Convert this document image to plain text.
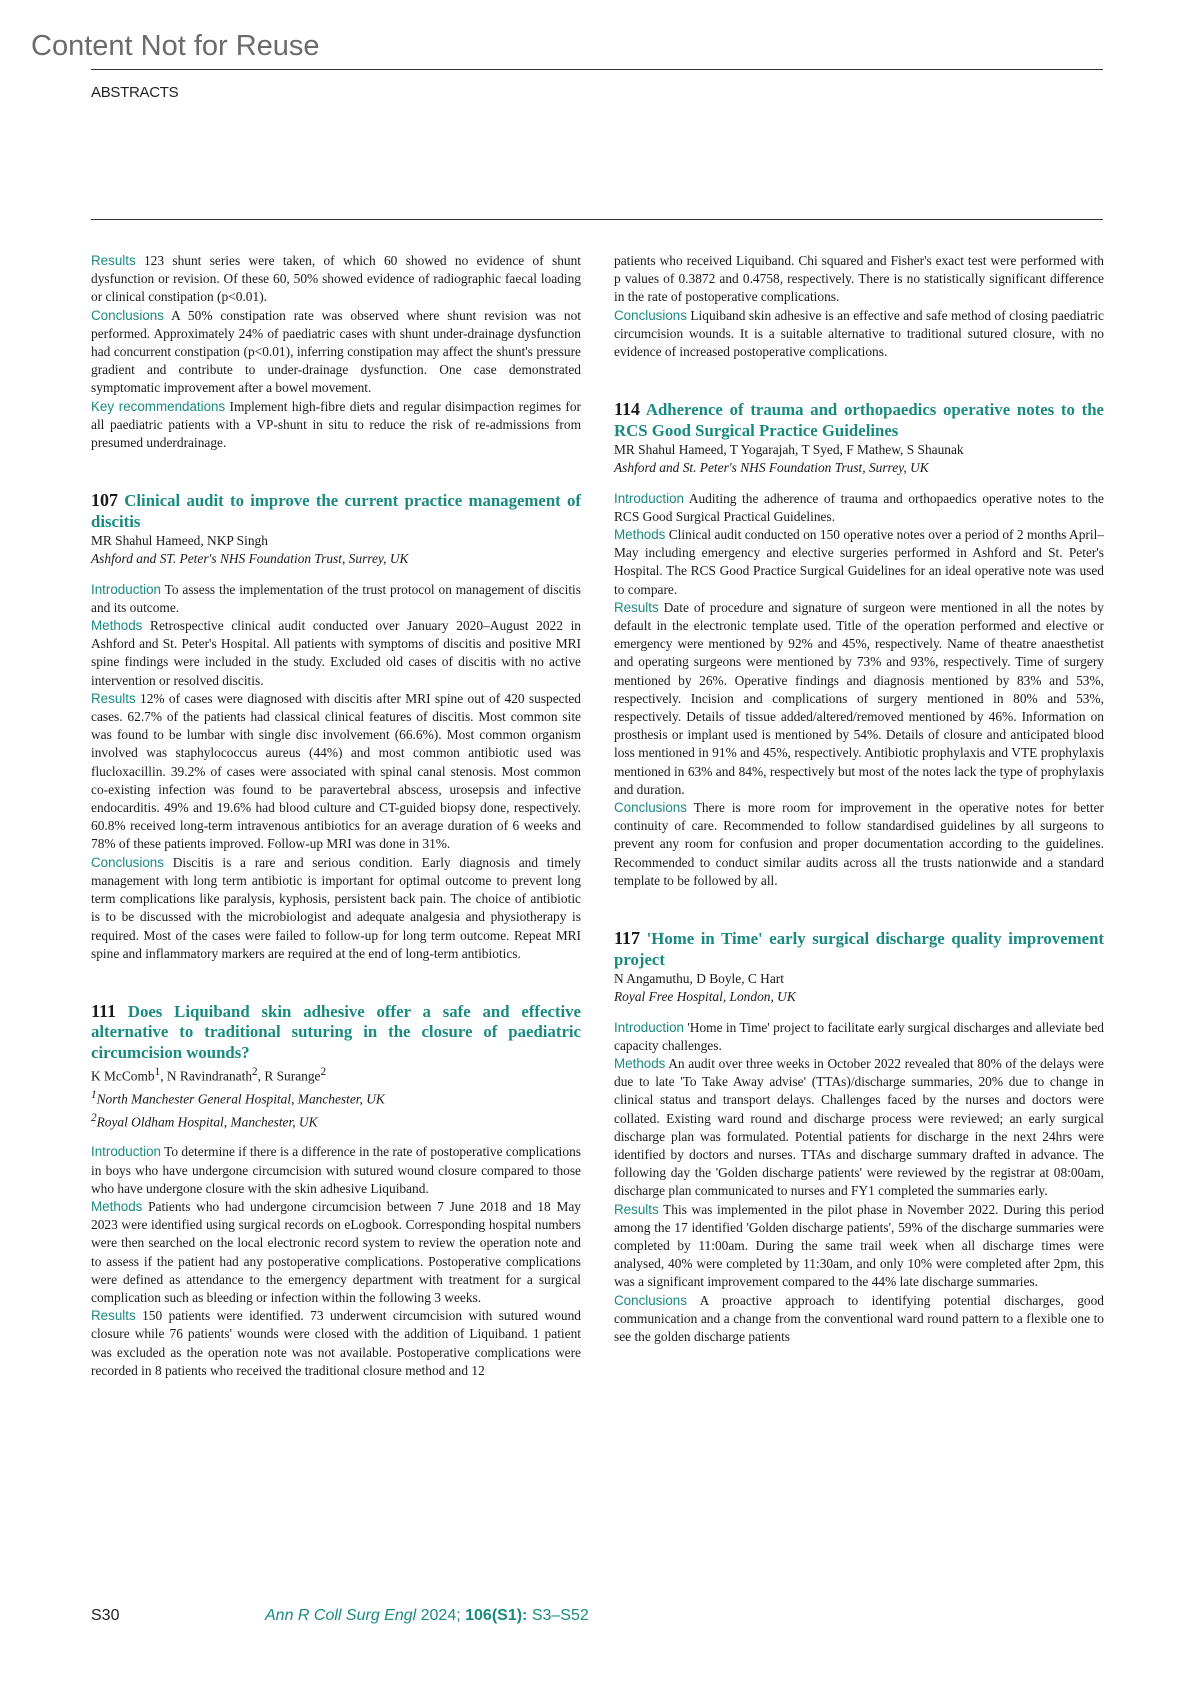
Content Not for Reuse
ABSTRACTS

Results 123 shunt series were taken, of which 60 showed no evidence of shunt dysfunction or revision. Of these 60, 50% showed evidence of radiographic faecal loading or clinical constipation (p<0.01).

Conclusions A 50% constipation rate was observed where shunt revision was not performed. Approximately 24% of paediatric cases with shunt under-drainage dysfunction had concurrent constipation (p<0.01), inferring constipation may affect the shunt's pressure gradient and contribute to under-drainage dysfunction. One case demonstrated symptomatic improvement after a bowel movement.

Key recommendations Implement high-fibre diets and regular disimpaction regimes for all paediatric patients with a VP-shunt in situ to reduce the risk of re-admissions from presumed underdrainage.

107 Clinical audit to improve the current practice management of discitis

MR Shahul Hameed, NKP Singh

Ashford and ST. Peter's NHS Foundation Trust, Surrey, UK

Introduction To assess the implementation of the trust protocol on management of discitis and its outcome.

Methods Retrospective clinical audit conducted over January 2020–August 2022 in Ashford and St. Peter's Hospital. All patients with symptoms of discitis and positive MRI spine findings were included in the study. Excluded old cases of discitis with no active intervention or resolved discitis.

Results 12% of cases were diagnosed with discitis after MRI spine out of 420 suspected cases. 62.7% of the patients had classical clinical features of discitis. Most common site was found to be lumbar with single disc involvement (66.6%). Most common organism involved was staphylococcus aureus (44%) and most common antibiotic used was flucloxacillin. 39.2% of cases were associated with spinal canal stenosis. Most common co-existing infection was found to be paravertebral abscess, urosepsis and infective endocarditis. 49% and 19.6% had blood culture and CT-guided biopsy done, respectively. 60.8% received long-term intravenous antibiotics for an average duration of 6 weeks and 78% of these patients improved. Follow-up MRI was done in 31%.

Conclusions Discitis is a rare and serious condition. Early diagnosis and timely management with long term antibiotic is important for optimal outcome to prevent long term complications like paralysis, kyphosis, persistent back pain. The choice of antibiotic is to be discussed with the microbiologist and adequate analgesia and physiotherapy is required. Most of the cases were failed to follow-up for long term outcome. Repeat MRI spine and inflammatory markers are required at the end of long-term antibiotics.

111 Does Liquiband skin adhesive offer a safe and effective alternative to traditional suturing in the closure of paediatric circumcision wounds?

K McComb$^1$, N Ravindranath$^2$, R Surange$^2$

$^1$North Manchester General Hospital, Manchester, UK

$^2$Royal Oldham Hospital, Manchester, UK

Introduction To determine if there is a difference in the rate of postoperative complications in boys who have undergone circumcision with sutured wound closure compared to those who have undergone closure with the skin adhesive Liquiband.

Methods Patients who had undergone circumcision between 7 June 2018 and 18 May 2023 were identified using surgical records on eLogbook. Corresponding hospital numbers were then searched on the local electronic record system to review the operation note and to assess if the patient had any postoperative complications. Postoperative complications were defined as attendance to the emergency department with treatment for a surgical complication such as bleeding or infection within the following 3 weeks.

Results 150 patients were identified. 73 underwent circumcision with sutured wound closure while 76 patients' wounds were closed with the addition of Liquiband. 1 patient was excluded as the operation note was not available. Postoperative complications were recorded in 8 patients who received the traditional closure method and 12

patients who received Liquiband. Chi squared and Fisher's exact test were performed with p values of 0.3872 and 0.4758, respectively. There is no statistically significant difference in the rate of postoperative complications.

Conclusions Liquiband skin adhesive is an effective and safe method of closing paediatric circumcision wounds. It is a suitable alternative to traditional sutured closure, with no evidence of increased postoperative complications.

114 Adherence of trauma and orthopaedics operative notes to the RCS Good Surgical Practice Guidelines

MR Shahul Hameed, T Yogarajah, T Syed, F Mathew, S Shaunak

Ashford and St. Peter's NHS Foundation Trust, Surrey, UK

Introduction Auditing the adherence of trauma and orthopaedics operative notes to the RCS Good Surgical Practical Guidelines.

Methods Clinical audit conducted on 150 operative notes over a period of 2 months April–May including emergency and elective surgeries performed in Ashford and St. Peter's Hospital. The RCS Good Practice Surgical Guidelines for an ideal operative note was used to compare.

Results Date of procedure and signature of surgeon were mentioned in all the notes by default in the electronic template used. Title of the operation performed and elective or emergency were mentioned by 92% and 45%, respectively. Name of theatre anaesthetist and operating surgeons were mentioned by 73% and 93%, respectively. Time of surgery mentioned by 26%. Operative findings and diagnosis mentioned by 83% and 53%, respectively. Incision and complications of surgery mentioned in 80% and 53%, respectively. Details of tissue added/altered/removed mentioned by 46%. Information on prosthesis or implant used is mentioned by 54%. Details of closure and anticipated blood loss mentioned in 91% and 45%, respectively. Antibiotic prophylaxis and VTE prophylaxis mentioned in 63% and 84%, respectively but most of the notes lack the type of prophylaxis and duration.

Conclusions There is more room for improvement in the operative notes for better continuity of care. Recommended to follow standardised guidelines by all surgeons to prevent any room for confusion and proper documentation according to the guidelines. Recommended to conduct similar audits across all the trusts nationwide and a standard template to be followed by all.

117 'Home in Time' early surgical discharge quality improvement project

N Angamuthu, D Boyle, C Hart

Royal Free Hospital, London, UK

Introduction 'Home in Time' project to facilitate early surgical discharges and alleviate bed capacity challenges.

Methods An audit over three weeks in October 2022 revealed that 80% of the delays were due to late 'To Take Away advise' (TTAs)/discharge summaries, 20% due to change in clinical status and transport delays. Challenges faced by the nurses and doctors were collated. Existing ward round and discharge process were reviewed; an early surgical discharge plan was formulated. Potential patients for discharge in the next 24hrs were identified by doctors and nurses. TTAs and discharge summary drafted in advance. The following day the 'Golden discharge patients' were reviewed by the registrar at 08:00am, discharge plan communicated to nurses and FY1 completed the summaries early.

Results This was implemented in the pilot phase in November 2022. During this period among the 17 identified 'Golden discharge patients', 59% of the discharge summaries were completed by 11:00am. During the same trail week when all discharge times were analysed, 40% were completed by 11:30am, and only 10% were completed after 2pm, this was a significant improvement compared to the 44% late discharge summaries.

Conclusions A proactive approach to identifying potential discharges, good communication and a change from the conventional ward round pattern to a flexible one to see the golden discharge patients

S30	Ann R Coll Surg Engl 2024; 106(S1): S3–S52
